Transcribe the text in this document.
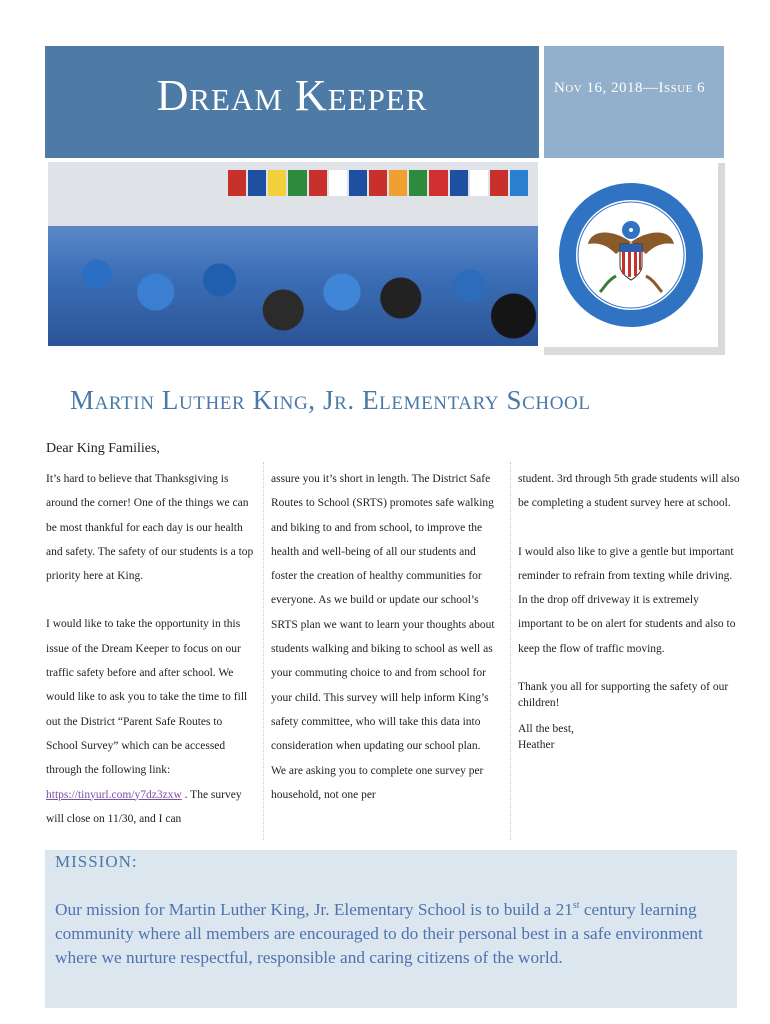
Dream Keeper	Nov 16, 2018—Issue 6
Martin Luther King, Jr. Elementary School
Dear King Families,

It’s hard to believe that Thanksgiving is around the corner! One of the things we can be most thankful for each day is our health and safety. The safety of our students is a top priority here at King.

I would like to take the opportunity in this issue of the Dream Keeper to focus on our traffic safety before and after school. We would like to ask you to take the time to fill out the District “Parent Safe Routes to School Survey” which can be accessed through the following link: https://tinyurl.com/y7dz3zxw . The survey will close on 11/30, and I can

assure you it’s short in length. The District Safe Routes to School (SRTS) promotes safe walking and biking to and from school, to improve the health and well-being of all our students and foster the creation of healthy communities for everyone. As we build or update our school’s SRTS plan we want to learn your thoughts about students walking and biking to school as well as your commuting choice to and from school for your child. This survey will help inform King’s safety committee, who will take this data into consideration when updating our school plan. We are asking you to complete one survey per household, not one per

student. 3rd through 5th grade students will also be completing a student survey here at school.

I would also like to give a gentle but important reminder to refrain from texting while driving. In the drop off driveway it is extremely important to be on alert for students and also to keep the flow of traffic moving.

Thank you all for supporting the safety of our children!

All the best,

Heather

MISSION:
Our mission for Martin Luther King, Jr. Elementary School is to build a 21st century learning community where all members are encouraged to do their personal best in a safe environment where we nurture respectful, responsible and caring citizens of the world.
